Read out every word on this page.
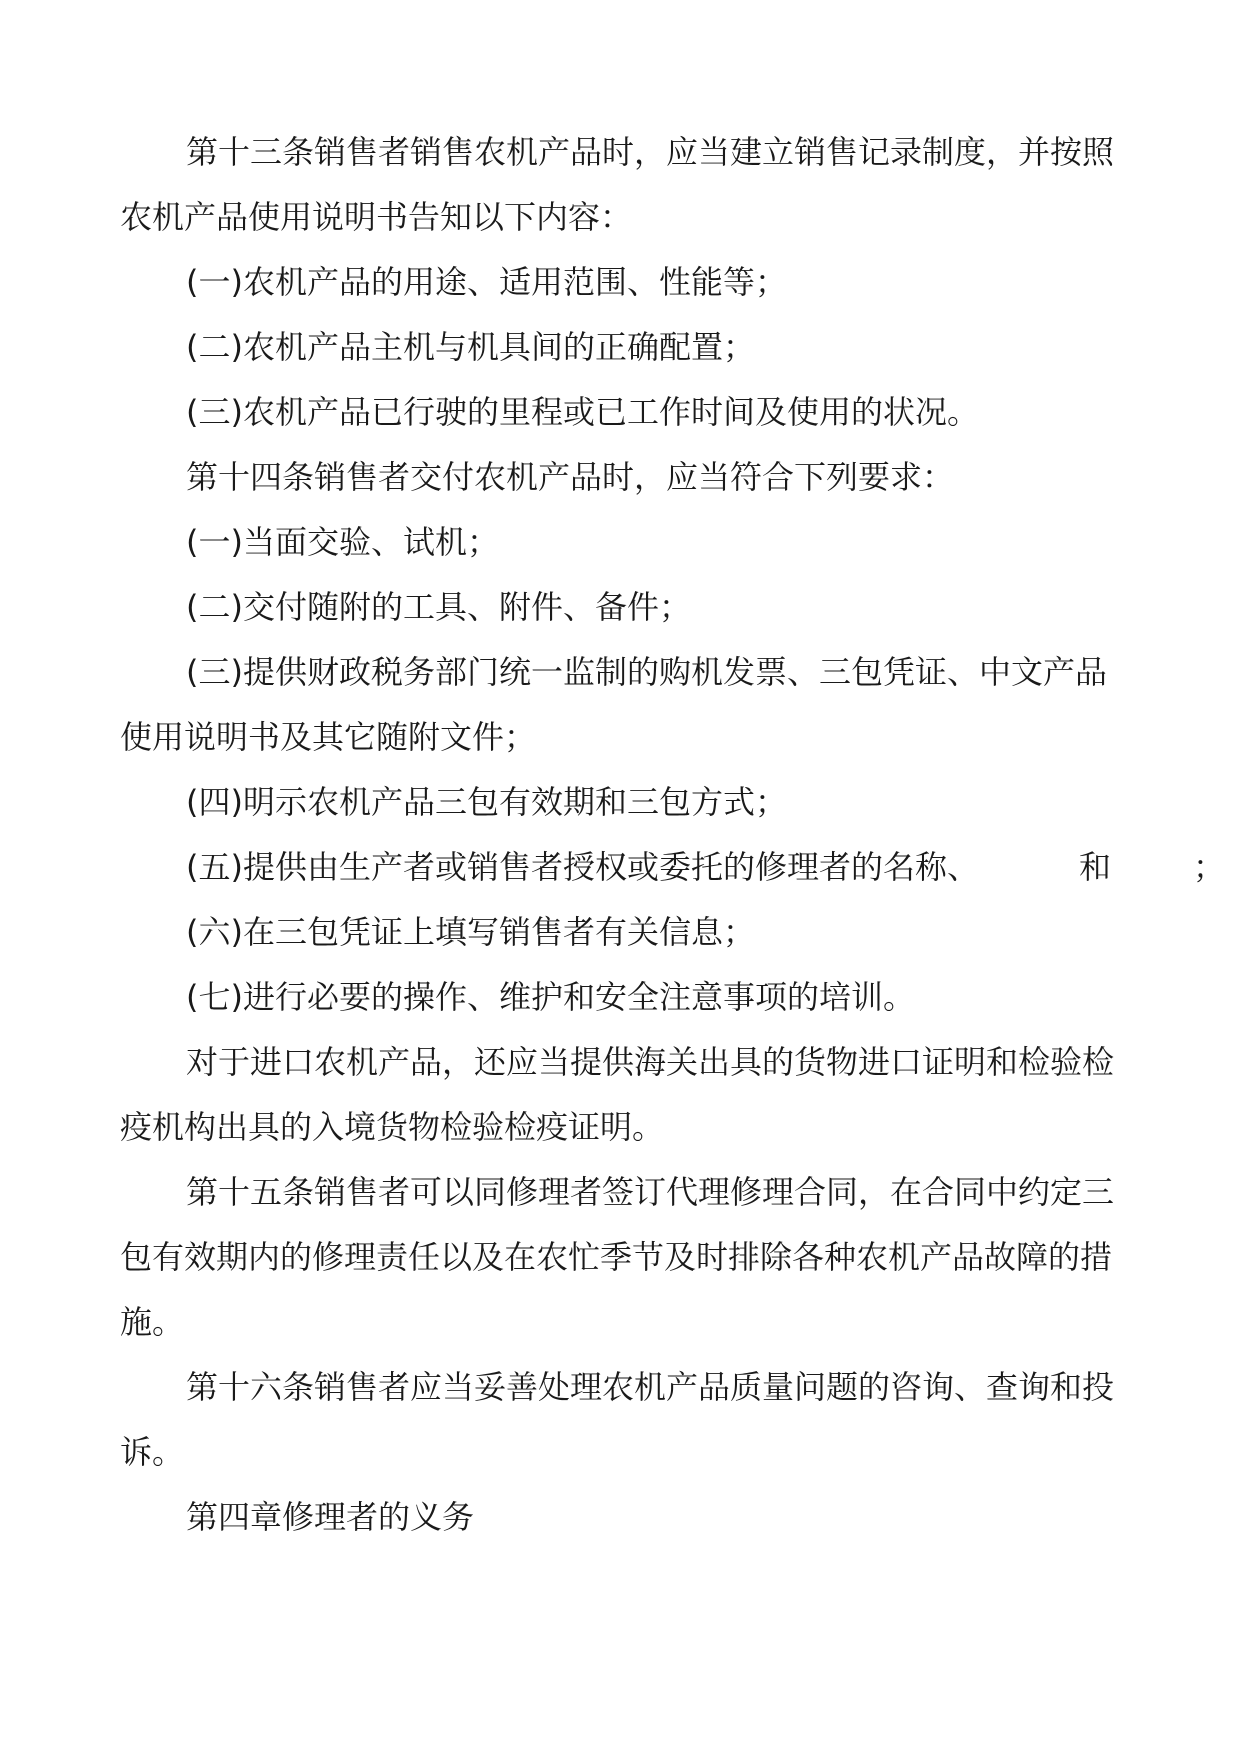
第十三条销售者销售农机产品时，应当建立销售记录制度，并按照农机产品使用说明书告知以下内容：

(一)农机产品的用途、适用范围、性能等；

(二)农机产品主机与机具间的正确配置；

(三)农机产品已行驶的里程或已工作时间及使用的状况。

第十四条销售者交付农机产品时，应当符合下列要求：

(一)当面交验、试机；

(二)交付随附的工具、附件、备件；

(三)提供财政税务部门统一监制的购机发票、三包凭证、中文产品使用说明书及其它随附文件；

(四)明示农机产品三包有效期和三包方式；

(五)提供由生产者或销售者授权或委托的修理者的名称、	和	；

(六)在三包凭证上填写销售者有关信息；

(七)进行必要的操作、维护和安全注意事项的培训。

对于进口农机产品，还应当提供海关出具的货物进口证明和检验检疫机构出具的入境货物检验检疫证明。

第十五条销售者可以同修理者签订代理修理合同，在合同中约定三包有效期内的修理责任以及在农忙季节及时排除各种农机产品故障的措施。

第十六条销售者应当妥善处理农机产品质量问题的咨询、查询和投诉。

第四章修理者的义务
